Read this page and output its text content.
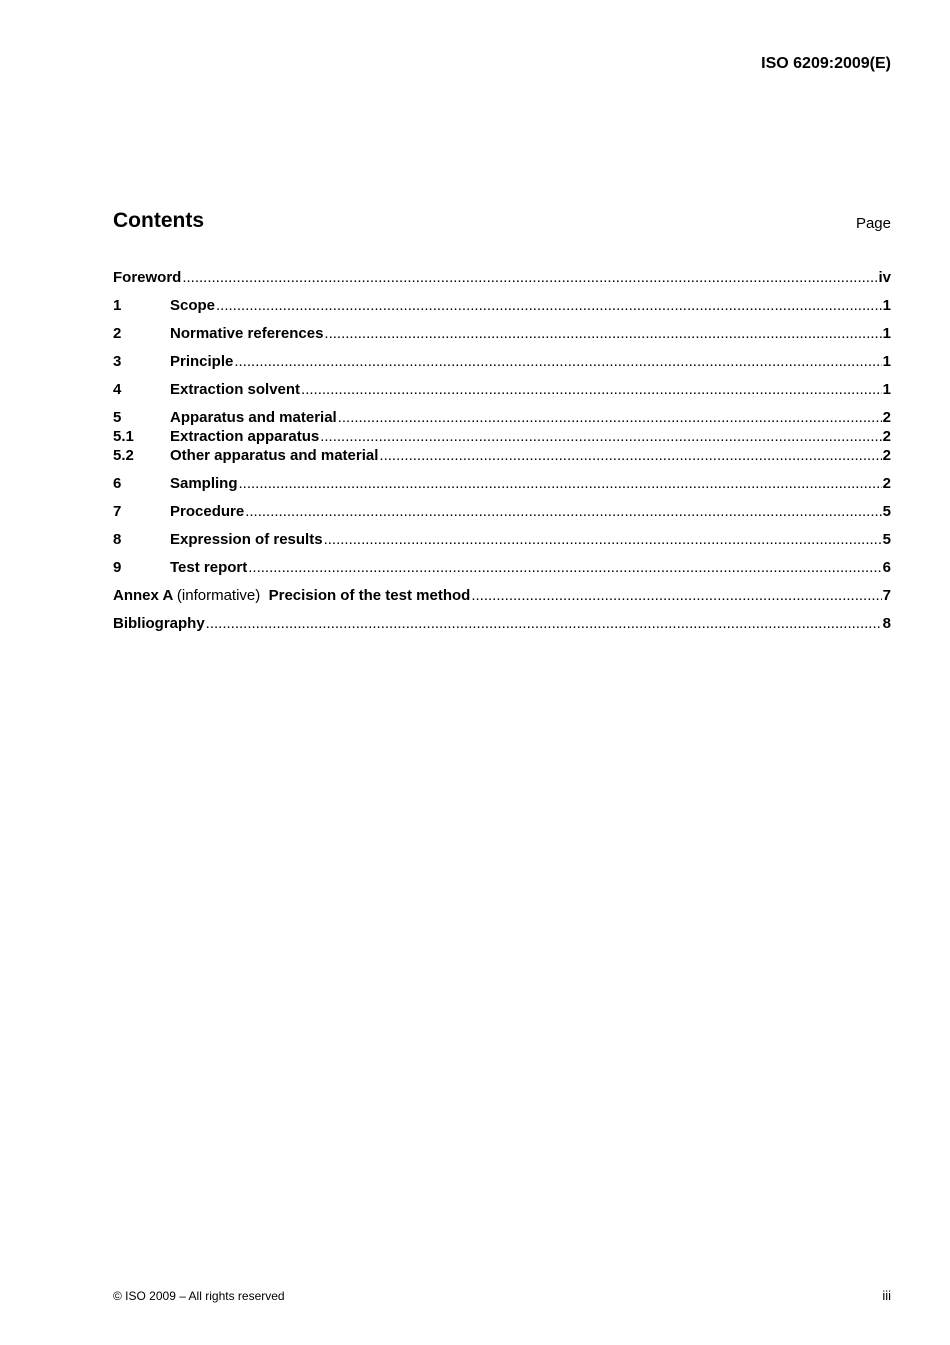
ISO 6209:2009(E)
Contents	Page
Foreword .....	iv
1	Scope .....	1
2	Normative references .....	1
3	Principle .....	1
4	Extraction solvent .....	1
5	Apparatus and material .....	2
5.1	Extraction apparatus .....	2
5.2	Other apparatus and material .....	2
6	Sampling .....	2
7	Procedure .....	5
8	Expression of results .....	5
9	Test report .....	6
Annex A (informative) Precision of the test method .....	7
Bibliography .....	8
© ISO 2009 – All rights reserved	iii
